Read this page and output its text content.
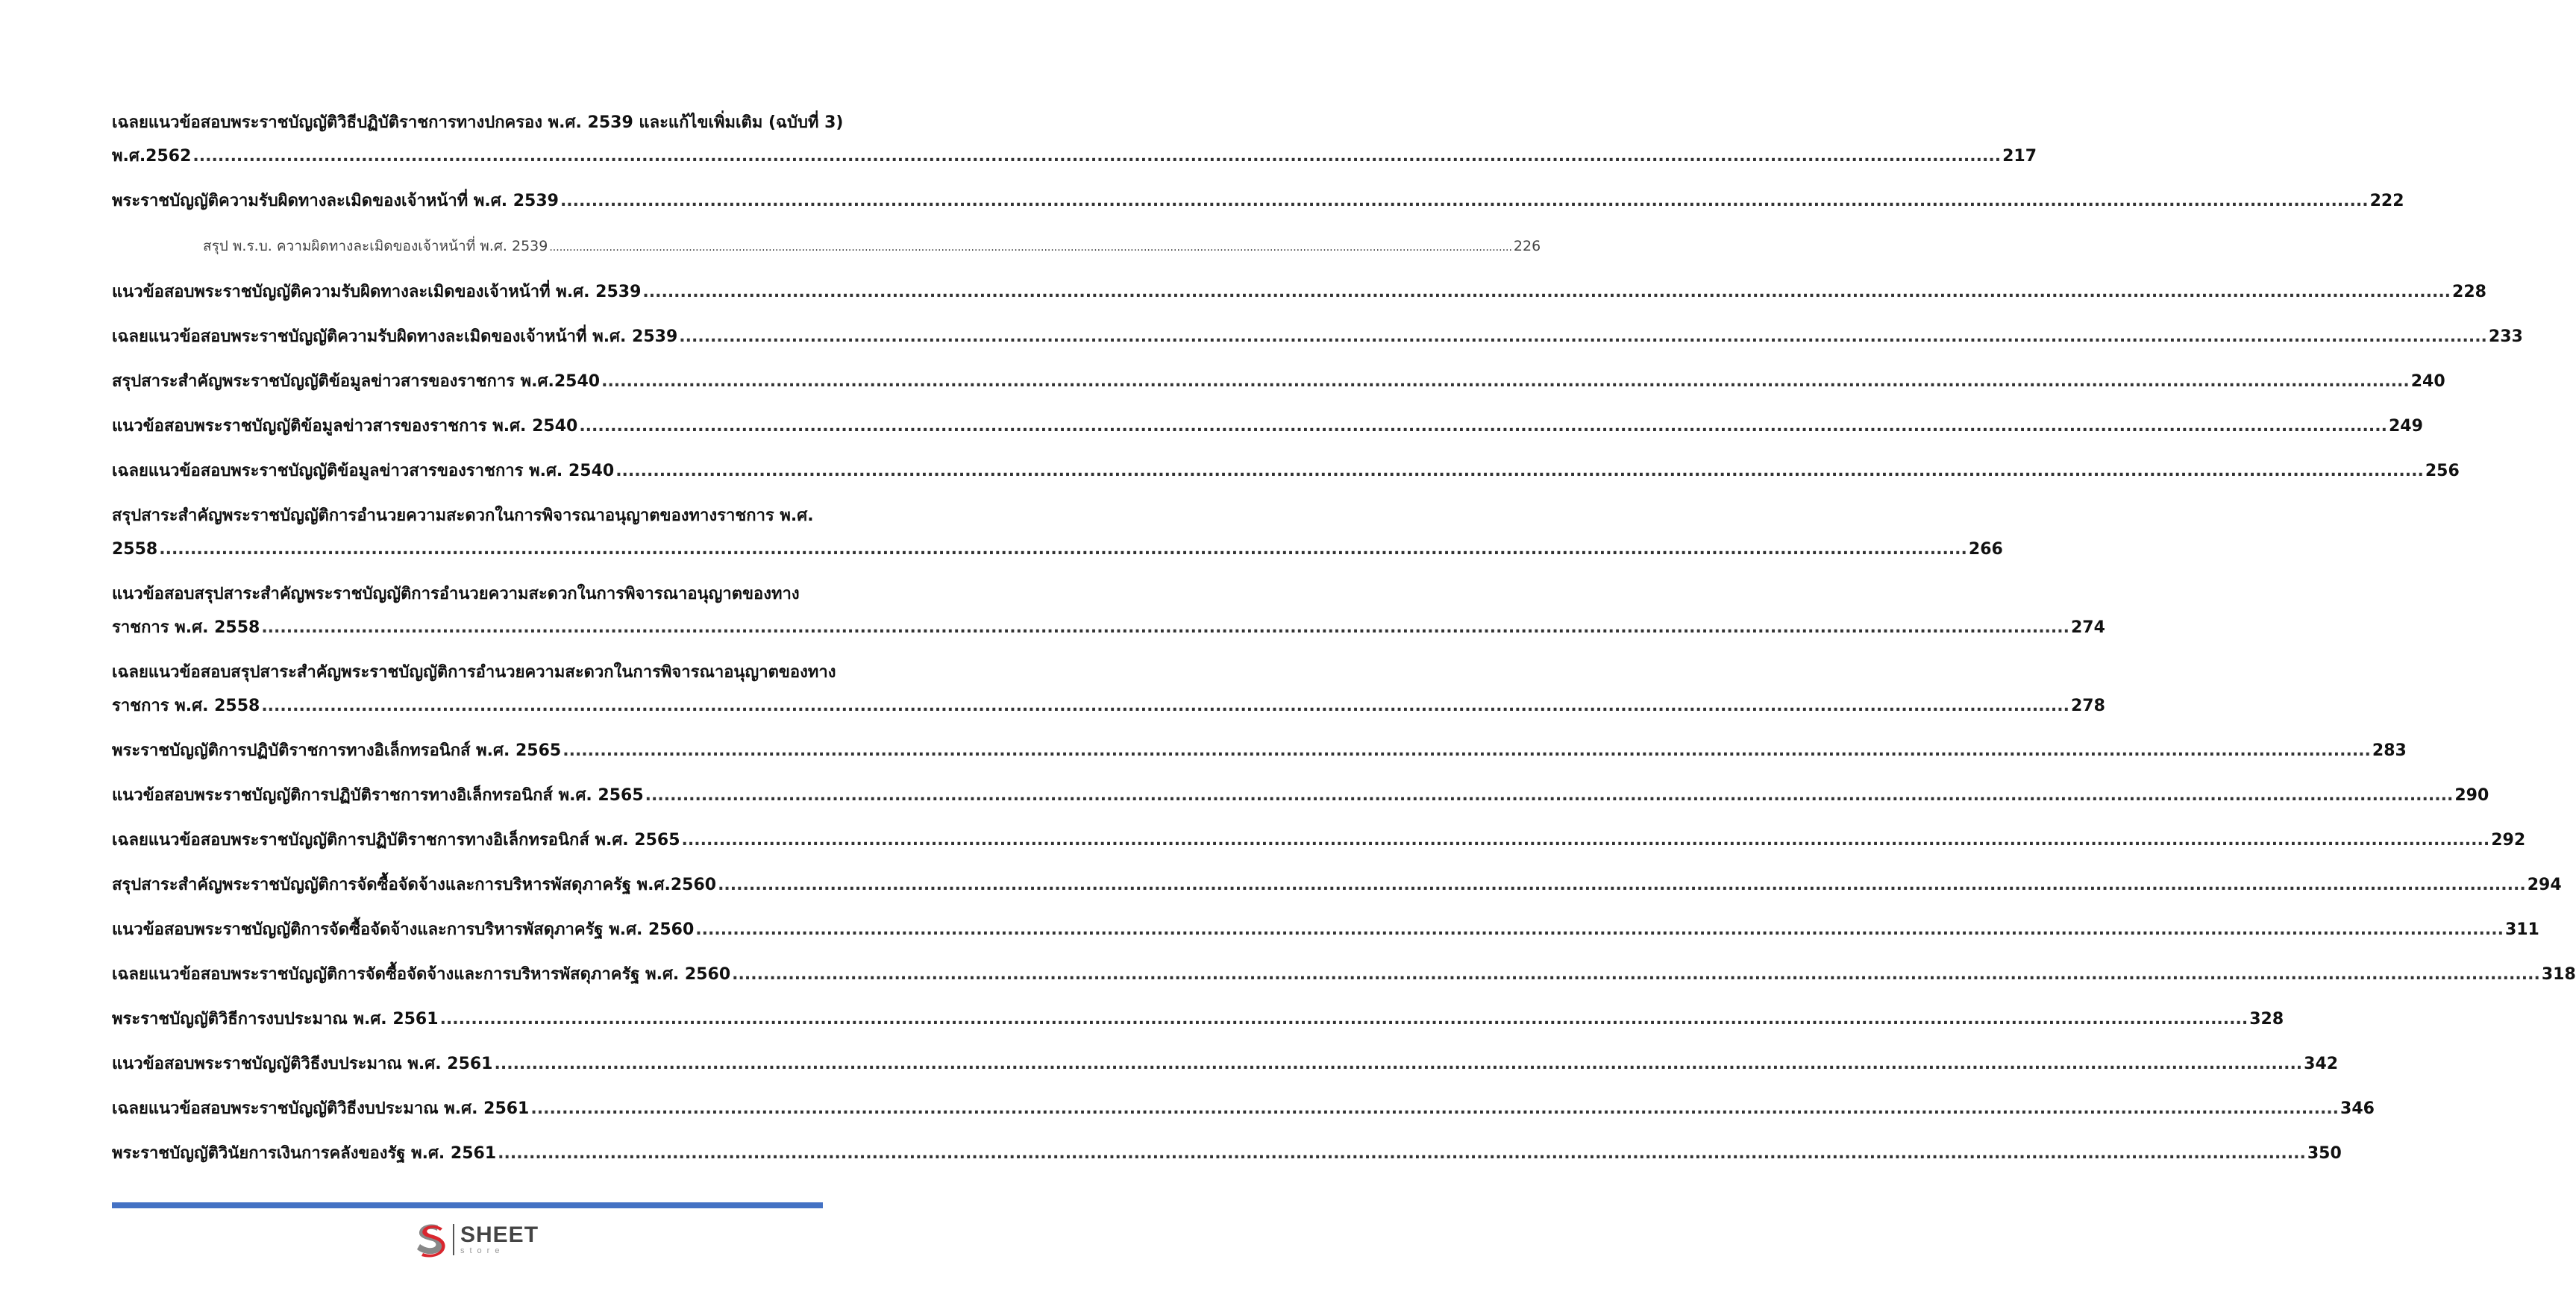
เฉลยแนวข้อสอบพระราชบัญญัติวิธีปฏิบัติราชการทางปกครอง พ.ศ. 2539 และแก้ไขเพิ่มเติม (ฉบับที่ 3)
พ.ศ.2562 .................................................................................................................................................................................................................................................................................................. 217
พระราชบัญญัติความรับผิดทางละเมิดของเจ้าหน้าที่ พ.ศ. 2539 .................................................................................................................................................................................................................................................................................................. 222
สรุป พ.ร.บ. ความผิดทางละเมิดของเจ้าหน้าที่ พ.ศ. 2539 .................................................................................................................................................................................................................................................................................................. 226
แนวข้อสอบพระราชบัญญัติความรับผิดทางละเมิดของเจ้าหน้าที่ พ.ศ. 2539 .................................................................................................................................................................................................................................................................................................. 228
เฉลยแนวข้อสอบพระราชบัญญัติความรับผิดทางละเมิดของเจ้าหน้าที่ พ.ศ. 2539 .................................................................................................................................................................................................................................................................................................. 233
สรุปสาระสำคัญพระราชบัญญัติข้อมูลข่าวสารของราชการ พ.ศ.2540 .................................................................................................................................................................................................................................................................................................. 240
แนวข้อสอบพระราชบัญญัติข้อมูลข่าวสารของราชการ พ.ศ. 2540 .................................................................................................................................................................................................................................................................................................. 249
เฉลยแนวข้อสอบพระราชบัญญัติข้อมูลข่าวสารของราชการ พ.ศ. 2540 .................................................................................................................................................................................................................................................................................................. 256
สรุปสาระสำคัญพระราชบัญญัติการอำนวยความสะดวกในการพิจารณาอนุญาตของทางราชการ พ.ศ.
2558 .................................................................................................................................................................................................................................................................................................. 266
แนวข้อสอบสรุปสาระสำคัญพระราชบัญญัติการอำนวยความสะดวกในการพิจารณาอนุญาตของทาง
ราชการ พ.ศ. 2558 .................................................................................................................................................................................................................................................................................................. 274
เฉลยแนวข้อสอบสรุปสาระสำคัญพระราชบัญญัติการอำนวยความสะดวกในการพิจารณาอนุญาตของทาง
ราชการ พ.ศ. 2558 .................................................................................................................................................................................................................................................................................................. 278
พระราชบัญญัติการปฏิบัติราชการทางอิเล็กทรอนิกส์ พ.ศ. 2565 .................................................................................................................................................................................................................................................................................................. 283
แนวข้อสอบพระราชบัญญัติการปฏิบัติราชการทางอิเล็กทรอนิกส์ พ.ศ. 2565 .................................................................................................................................................................................................................................................................................................. 290
เฉลยแนวข้อสอบพระราชบัญญัติการปฏิบัติราชการทางอิเล็กทรอนิกส์ พ.ศ. 2565 .................................................................................................................................................................................................................................................................................................. 292
สรุปสาระสำคัญพระราชบัญญัติการจัดซื้อจัดจ้างและการบริหารพัสดุภาครัฐ พ.ศ.2560 .................................................................................................................................................................................................................................................................................................. 294
แนวข้อสอบพระราชบัญญัติการจัดซื้อจัดจ้างและการบริหารพัสดุภาครัฐ พ.ศ. 2560 .................................................................................................................................................................................................................................................................................................. 311
เฉลยแนวข้อสอบพระราชบัญญัติการจัดซื้อจัดจ้างและการบริหารพัสดุภาครัฐ พ.ศ. 2560 .................................................................................................................................................................................................................................................................................................. 318
พระราชบัญญัติวิธีการงบประมาณ พ.ศ. 2561 .................................................................................................................................................................................................................................................................................................. 328
แนวข้อสอบพระราชบัญญัติวิธีงบประมาณ พ.ศ. 2561 .................................................................................................................................................................................................................................................................................................. 342
เฉลยแนวข้อสอบพระราชบัญญัติวิธีงบประมาณ พ.ศ. 2561 .................................................................................................................................................................................................................................................................................................. 346
พระราชบัญญัติวินัยการเงินการคลังของรัฐ พ.ศ. 2561 .................................................................................................................................................................................................................................................................................................. 350
SHEET
store
